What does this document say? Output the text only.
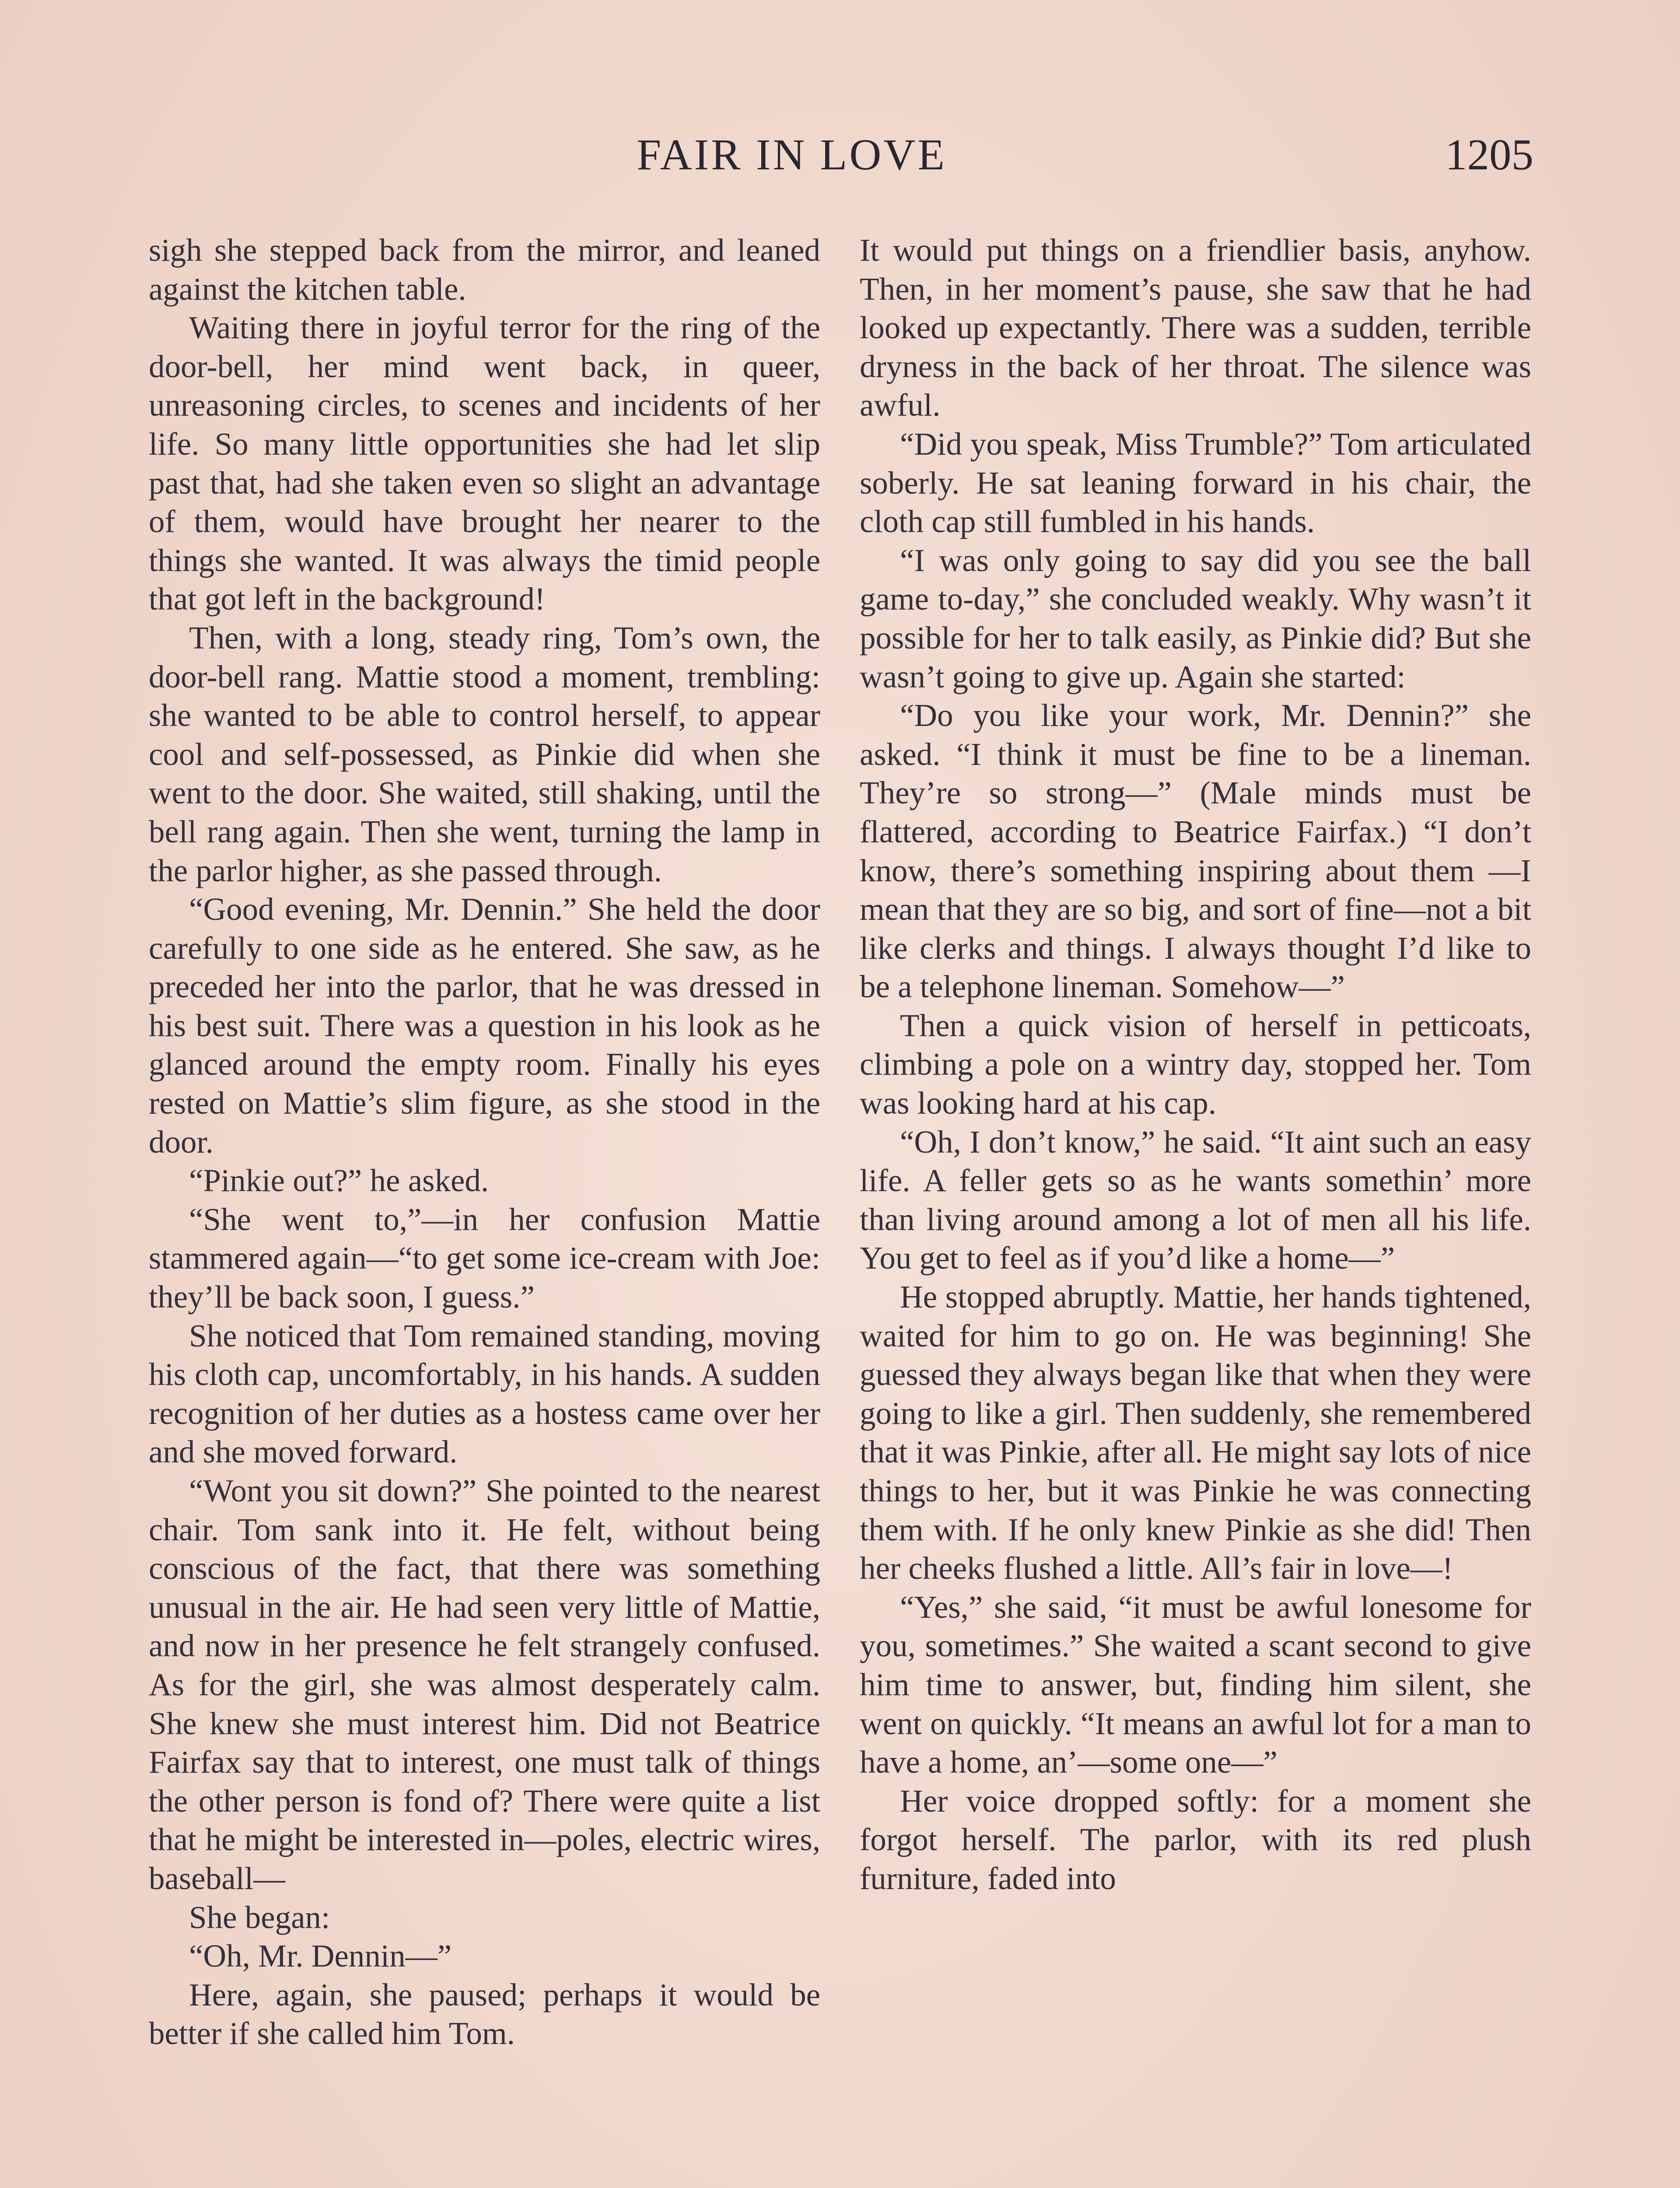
FAIR IN LOVE	1205

sigh she stepped back from the mirror, and leaned against the kitchen table.

Waiting there in joyful terror for the ring of the door-bell, her mind went back, in queer, unreasoning circles, to scenes and incidents of her life. So many little opportunities she had let slip past that, had she taken even so slight an advantage of them, would have brought her nearer to the things she wanted. It was always the timid people that got left in the background!

Then, with a long, steady ring, Tom’s own, the door-bell rang. Mattie stood a moment, trembling: she wanted to be able to control herself, to appear cool and self-possessed, as Pinkie did when she went to the door. She waited, still shaking, until the bell rang again. Then she went, turning the lamp in the parlor higher, as she passed through.

“Good evening, Mr. Dennin.” She held the door carefully to one side as he entered. She saw, as he preceded her into the parlor, that he was dressed in his best suit. There was a question in his look as he glanced around the empty room. Finally his eyes rested on Mattie’s slim figure, as she stood in the door.

“Pinkie out?” he asked.

“She went to,”—in her confusion Mattie stammered again—“to get some ice-cream with Joe: they’ll be back soon, I guess.”

She noticed that Tom remained standing, moving his cloth cap, uncomfortably, in his hands. A sudden recognition of her duties as a hostess came over her and she moved forward.

“Wont you sit down?” She pointed to the nearest chair. Tom sank into it. He felt, without being conscious of the fact, that there was something unusual in the air. He had seen very little of Mattie, and now in her presence he felt strangely confused. As for the girl, she was almost desperately calm. She knew she must interest him. Did not Beatrice Fairfax say that to interest, one must talk of things the other person is fond of? There were quite a list that he might be interested in—poles, electric wires, baseball—

She began:

“Oh, Mr. Dennin—”

Here, again, she paused; perhaps it would be better if she called him Tom.

It would put things on a friendlier basis, anyhow. Then, in her moment’s pause, she saw that he had looked up expectantly. There was a sudden, terrible dryness in the back of her throat. The silence was awful.

“Did you speak, Miss Trumble?” Tom articulated soberly. He sat leaning forward in his chair, the cloth cap still fumbled in his hands.

“I was only going to say did you see the ball game to-day,” she concluded weakly. Why wasn’t it possible for her to talk easily, as Pinkie did? But she wasn’t going to give up. Again she started:

“Do you like your work, Mr. Dennin?” she asked. “I think it must be fine to be a lineman. They’re so strong—” (Male minds must be flattered, according to Beatrice Fairfax.) “I don’t know, there’s something inspiring about them —I mean that they are so big, and sort of fine—not a bit like clerks and things. I always thought I’d like to be a telephone lineman. Somehow—”

Then a quick vision of herself in petticoats, climbing a pole on a wintry day, stopped her. Tom was looking hard at his cap.

“Oh, I don’t know,” he said. “It aint such an easy life. A feller gets so as he wants somethin’ more than living around among a lot of men all his life. You get to feel as if you’d like a home—”

He stopped abruptly. Mattie, her hands tightened, waited for him to go on. He was beginning! She guessed they always began like that when they were going to like a girl. Then suddenly, she remembered that it was Pinkie, after all. He might say lots of nice things to her, but it was Pinkie he was connecting them with. If he only knew Pinkie as she did! Then her cheeks flushed a little. All’s fair in love—!

“Yes,” she said, “it must be awful lonesome for you, sometimes.” She waited a scant second to give him time to answer, but, finding him silent, she went on quickly. “It means an awful lot for a man to have a home, an’—some one—”

Her voice dropped softly: for a moment she forgot herself. The parlor, with its red plush furniture, faded into
